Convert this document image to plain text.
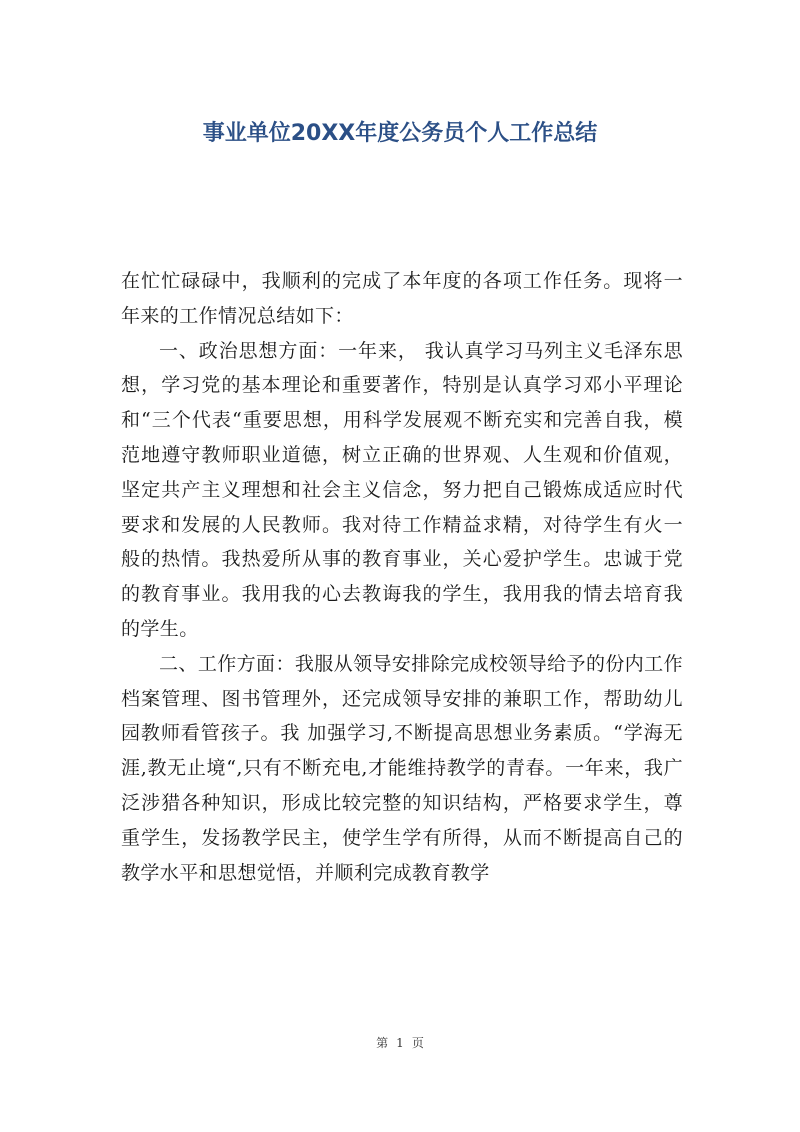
事业单位20XX年度公务员个人工作总结

在忙忙碌碌中，我顺利的完成了本年度的各项工作任务。现将一年来的工作情况总结如下：

一、政治思想方面：一年来， 我认真学习马列主义毛泽东思想，学习党的基本理论和重要著作，特别是认真学习邓小平理论和“三个代表“重要思想，用科学发展观不断充实和完善自我，模范地遵守教师职业道德，树立正确的世界观、人生观和价值观，坚定共产主义理想和社会主义信念，努力把自己锻炼成适应时代要求和发展的人民教师。我对待工作精益求精，对待学生有火一般的热情。我热爱所从事的教育事业，关心爱护学生。忠诚于党的教育事业。我用我的心去教诲我的学生，我用我的情去培育我的学生。

二、工作方面：我服从领导安排除完成校领导给予的份内工作档案管理、图书管理外，还完成领导安排的兼职工作，帮助幼儿园教师看管孩子。我 加强学习,不断提高思想业务素质。“学海无涯,教无止境“,只有不断充电,才能维持教学的青春。一年来，我广泛涉猎各种知识，形成比较完整的知识结构，严格要求学生，尊重学生，发扬教学民主，使学生学有所得，从而不断提高自己的教学水平和思想觉悟，并顺利完成教育教学

第 1 页
